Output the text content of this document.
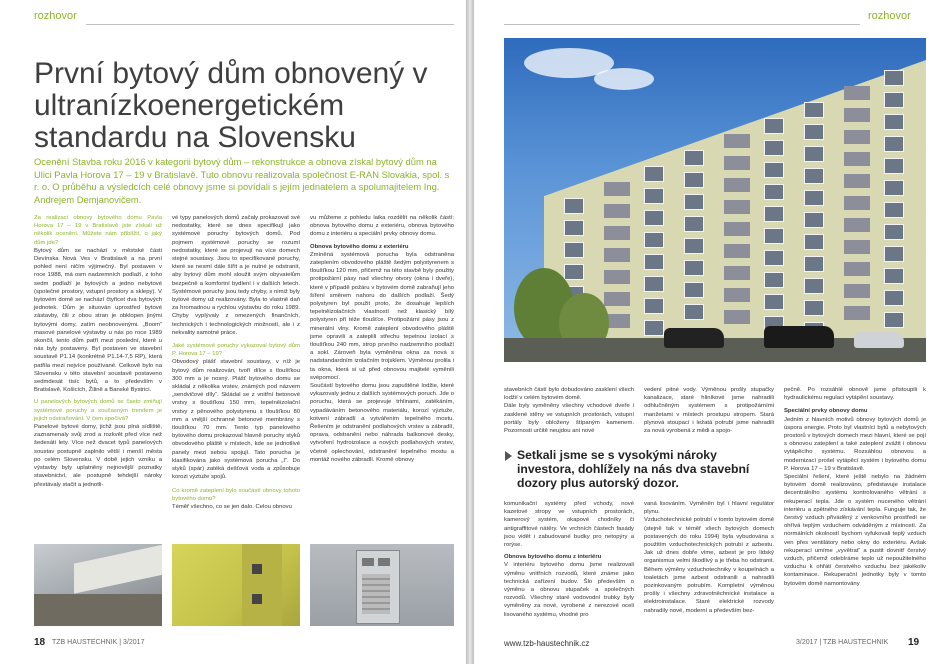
rozhovor
První bytový dům obnovený v ultranízkoenergetickém standardu na Slovensku

Ocenění Stavba roku 2016 v kategorii bytový dům – rekonstrukce a obnova získal bytový dům na Ulici Pavla Horova 17 – 19 v Bratislavě. Tuto obnovu realizovala společnost E-RAN Slovakia, spol. s r. o. O průběhu a výsledcích celé obnovy jsme si povídali s jejím jednatelem a spolumajitelem Ing. Andrejem Demjanovičem.

Za realizaci obnovy bytového domu Pavla Horova 17 – 19 v Bratislavě jste získali už několik ocenění. Můžete nám přiblížit, o jaký dům jde?

Bytový dům se nachází v městské části Devínska Nová Ves v Bratislavě a na první pohled není ničím výjimečný. Byl postaven v roce 1988, má osm nadzemních podlaží, z toho sedm podlaží je bytových a jedno nebytové (společné prostory, vstupní prostory a sklepy). V bytovém domě se nachází čtyřicet dva bytových jednotek. Dům je situován uprostřed bytové zástavby, čili z obou stran je obklopen jinými bytovými domy, zatím neobnovenými. „Boom“ masové panelové výstavby u nás po roce 1989 skončil, tento dům patří mezi poslední, které u nás byly postaveny. Byl postaven ve stavební soustavě P1.14 (konkrétně P1.14-7,5 RP), která patřila mezi nejvíce používané. Celkově bylo na Slovensku v této stavební soustavě postaveno sedmdesát tisíc bytů, a to především v Bratislavě, Košicích, Žilině a Banské Bystrici.

U panelových bytových domů se často zmiňují systémové poruchy a současným trendem je jejich odstraňování. V čem spočívá?

Panelové bytové domy, jichž jsou plná sídliště, zaznamenaly svůj zrod a rozkvět před více než šedesáti lety. Více než dvacet typů panelových soustav postupně zaplnilo větší i menší města po celém Slovensku. V době jejich vzniku a výstavby byly uplatněny nejnovější poznatky stavebnictví, ale postupně tehdejší nároky přestávaly stačit a jednotli-

vé typy panelových domů začaly prokazovat své nedostatky, které se dnes specifikují jako systémové poruchy bytových domů. Pod pojmem systémové poruchy se rozumí nedostatky, které se projevují na více domech stejné soustavy. Jsou to specifikované poruchy, které se nesmí dále šířit a je nutné je odstranit, aby bytový dům mohl sloužit svým obyvatelům bezpečně a komfortní bydlení i v dalších letech. Systémové poruchy jsou tedy chyby, s nimiž byly bytové domy už realizovány. Byla to vlastně daň za hromadnou a rychlou výstavbu do roku 1989. Chyby vyplývaly z omezených finančních, technických i technologických možností, ale i z nekvality samotné práce.

Jaké systémové poruchy vykazoval bytový dům P. Horova 17 – 19?

Obvodový plášť stavební soustavy, v níž je bytový dům realizován, tvoří dílce s tloušťkou 300 mm a je nosný. Plášť bytového domu se skládal z několika vrstev, známých pod názvem „sendvičové díly“. Skládal se z vnitřní betonové vrstvy s tloušťkou 150 mm, tepelněizolační vrstvy z pěnového polystyrenu s tloušťkou 80 mm a vnější ochranné betonové membrány s tloušťkou 70 mm. Tento typ panelového bytového domu prokazoval hlavně poruchy styků obvodového pláště v místech, kde se jednotlivé panely mezi sebou spojují. Tato porucha je klasifikována jako systémová porucha „I“. Do styků (spár) zatéká dešťová voda a způsobuje korozi výztuže spojů.

Co kromě zateplení bylo součástí obnovy tohoto bytového domu?

Téměř všechno, co se jen dalo. Celou obnovu

vu můžeme z pohledu laika rozdělit na několik částí: obnova bytového domu z exteriéru, obnova bytového domu z interiéru a speciální prvky obnovy domu.

Obnova bytového domu z exteriéru

Zmíněná systémová porucha byla odstraněna zateplením obvodového pláště šedým polystyrenem s tloušťkou 120 mm, přičemž na této stavbě byly použity protipožární pásy nad všechny otvory (okna i dveře), které v případě požáru v bytovém domě zabraňují jeho šíření směrem nahoru do dalších podlaží. Šedý polystyren byl použit proto, že dosahuje lepších tepelněizolačních vlastností než klasický bílý polystyren při téže tloušťce. Protipožární pásy jsou z minerální vlny. Kromě zateplení obvodového pláště jsme opravili a zateplili střechu tepelnou izolací s tloušťkou 240 mm, strop prvního nadzemního podlaží a sokl. Zároveň byla vyměněna okna za nová s nadstandardním izolačním trojsklem. Výměnou prolila i ta okna, která si už před obnovou majitelé vyměnili svépomocí.

Součástí bytového domu jsou zapuštěné lodžie, které vykazovaly jednu z dalších systémových poruch. Jde o poruchu, která se projevuje trhlinami, zatékáním, vypadáváním betonového materiálu, korozí výztuže, kotvení zábradlí a vytvářením tepelného mostu. Řešením je odstranění podlahových vrstev a zábradlí, oprava, odstranění nebo náhrada balkonové desky, vytvoření hydroizolace a nových podlahových vrstev, včetně oplechování, odstranění tepelného mostu a montáž nového zábradlí. Kromě obnovy

18 TZB HAUSTECHNIK | 3/2017
rozhovor

stavebních částí bylo dobudováno zasklení všech lodžií v celém bytovém domě.

Dále byly vyměněny všechny vchodové dveře i zasklené stěny ve vstupních prostorách, vstupní portály byly obloženy štípaným kamenem. Pozornosti určitě neujdou ani nové

vedení pitné vody. Výměnou prošly stupačky kanalizace, staré hliníkové jsme nahradili odhlučněným systémem s protipožárními manžetami v místech prostupu stropem. Stará plynová stoupací i ležatá potrubí jsme nahradili za nová vyrobená z mědi a spojo-

Setkali jsme se s vysokými nároky investora, dohlížely na nás dva stavební dozory plus autorský dozor.

komunikační systémy před vchody, nové kazetové stropy ve vstupních prostorách, kamerový systém, okapové chodníky či antigraffitové nátěry. Ve vrchních částech fasády jsou vidět i zabudované budky pro netopýry a rorýse.

Obnova bytového domu z interiéru

V interiéru bytového domu jsme realizovali výměnu vnitřních rozvodů, které známe jako technická zařízení budov. Šlo především o výměnu a obnovu stupaček a společných rozvodů. Všechny staré vodovodní trubky byly vyměněny za nové, vyrobené z nerezové oceli lisovaného systému, vhodné pro

vaná lisováním. Vyměněn byl i hlavní regulátor plynu.

Vzduchotechnické potrubí v tomto bytovém domě (stejně tak v téměř všech bytových domech postavených do roku 1994) byla vybudována s použitím vzduchotechnických potrubí z azbestu. Jak už dnes dobře víme, azbest je pro lidský organismus velmi škodlivý a je třeba ho odstranit. Během výměny vzduchotechniky v koupelnách a toaletách jsme azbest odstranili a nahradili pozinkovaným potrubím. Kompletní výměnou prošly i všechny zdravotněchnické instalace a elektroinstalace. Staré elektrické rozvody nahradily nové, moderní a především bez-

pečně. Po rozsáhlé obnově jsme přistoupili k hydraulickému regulaci vytápění soustavy.

Speciální prvky obnovy domu

Jedním z hlavních motivů obnovy bytových domů je úspora energie. Proto byl vlastníci bytů a nebytových prostorů v bytových domech mezi hlavní, které se pojí s obnovou zateplení a také zateplení zvážit i obnovu vytápěcího systému. Rozsáhlou obnovou a modernizací prošel vytápěcí systém i bytového domu P. Horova 17 – 19 v Bratislavě.

Speciální řešení, které ještě nebylo na žádném bytovém domě realizováno, představuje instalace decentrálního systému kontrolovaného větrání s rekuperací tepla. Jde o systém nuceného větrání interiéru a zpětného získávání tepla. Funguje tak, že čerstvý vzduch přiváděný z venkovního prostředí se ohřívá teplým vzduchem odváděným z místností. Za normálních okolností bychom vyfukovali teplý vzduch ven přes ventilátory nebo okny do exteriéru. Avšak rekuperací umíme „vyvětrat“ a pustit dovnitř čerstvý vzduch, přičemž odebíráme teplo už nepoužitelného vzduchu k ohřátí čerstvého vzduchu bez jakékoliv kontaminace. Rekuperační jednotky byly v tomto bytovém domě namontovány

www.tzb-haustechnik.cz	3/2017 | TZB HAUSTECHNIK 19
